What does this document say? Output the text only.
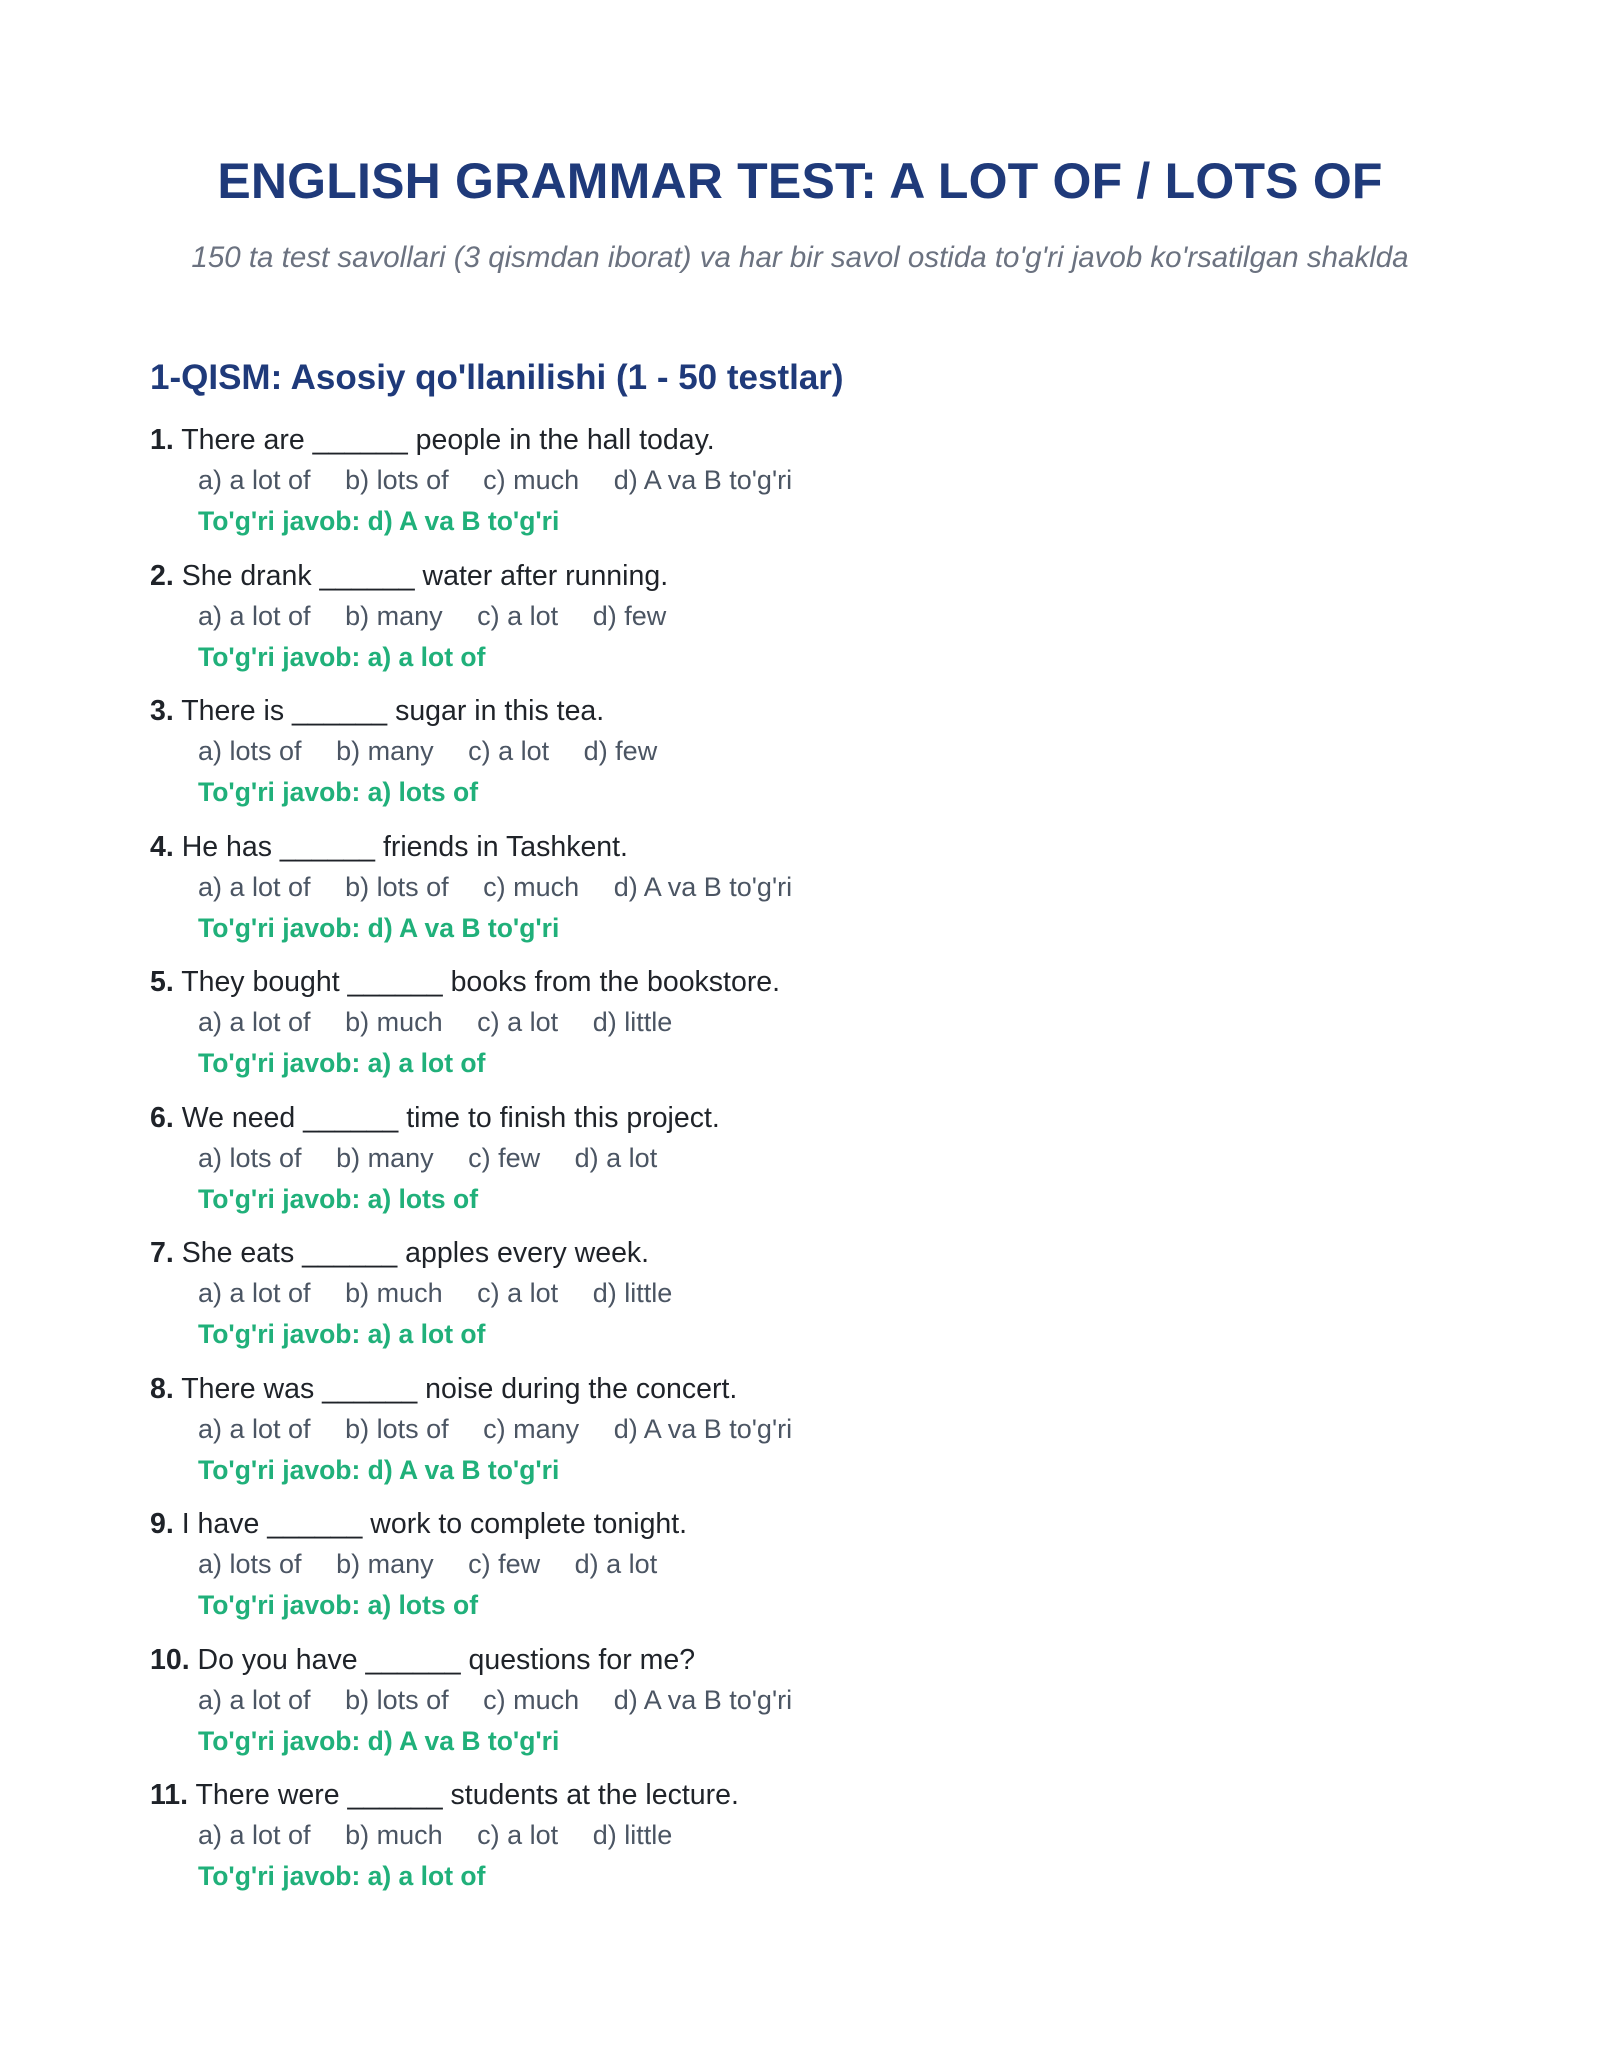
ENGLISH GRAMMAR TEST: A LOT OF / LOTS OF

150 ta test savollari (3 qismdan iborat) va har bir savol ostida to'g'ri javob ko'rsatilgan shaklda

1-QISM: Asosiy qo'llanilishi (1 - 50 testlar)
1. There are ______ people in the hall today.
a) a lot of b) lots of c) much d) A va B to'g'ri
To'g'ri javob: d) A va B to'g'ri
2. She drank ______ water after running.
a) a lot of b) many c) a lot d) few
To'g'ri javob: a) a lot of
3. There is ______ sugar in this tea.
a) lots of b) many c) a lot d) few
To'g'ri javob: a) lots of
4. He has ______ friends in Tashkent.
a) a lot of b) lots of c) much d) A va B to'g'ri
To'g'ri javob: d) A va B to'g'ri
5. They bought ______ books from the bookstore.
a) a lot of b) much c) a lot d) little
To'g'ri javob: a) a lot of
6. We need ______ time to finish this project.
a) lots of b) many c) few d) a lot
To'g'ri javob: a) lots of
7. She eats ______ apples every week.
a) a lot of b) much c) a lot d) little
To'g'ri javob: a) a lot of
8. There was ______ noise during the concert.
a) a lot of b) lots of c) many d) A va B to'g'ri
To'g'ri javob: d) A va B to'g'ri
9. I have ______ work to complete tonight.
a) lots of b) many c) few d) a lot
To'g'ri javob: a) lots of
10. Do you have ______ questions for me?
a) a lot of b) lots of c) much d) A va B to'g'ri
To'g'ri javob: d) A va B to'g'ri
11. There were ______ students at the lecture.
a) a lot of b) much c) a lot d) little
To'g'ri javob: a) a lot of
